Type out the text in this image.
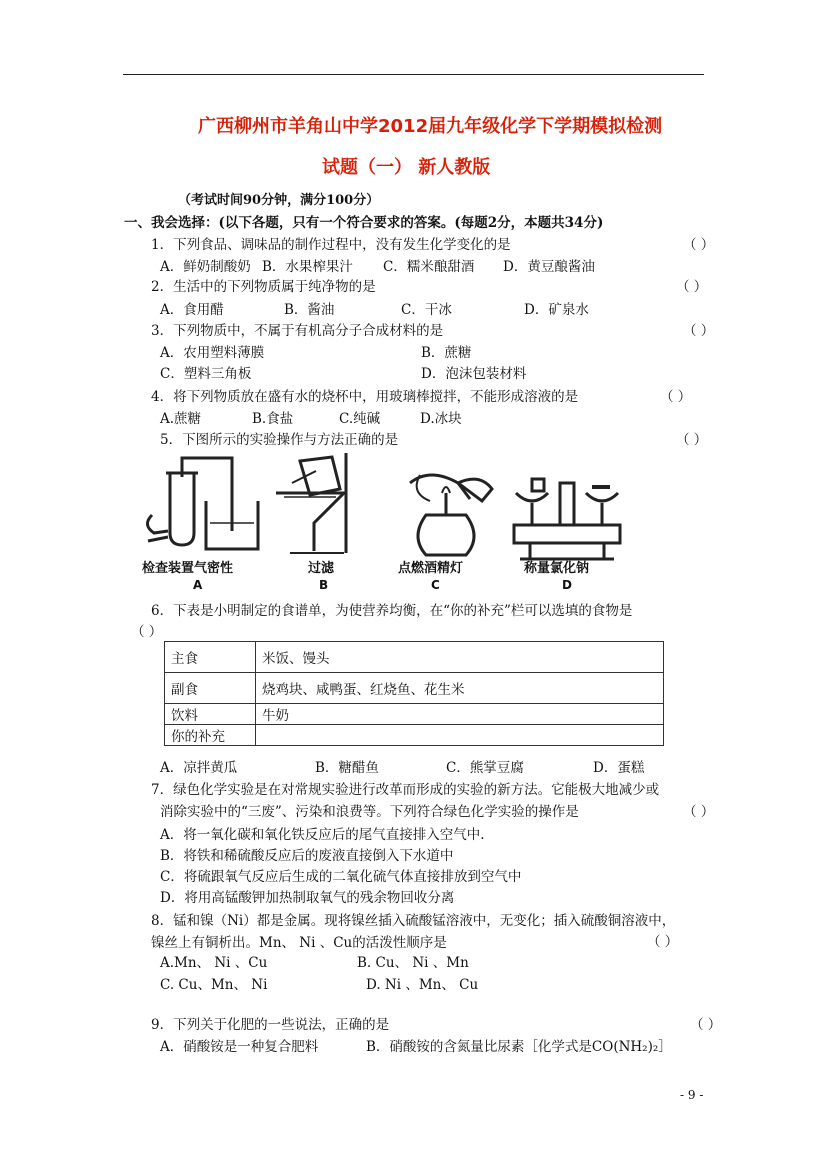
广西柳州市羊角山中学2012届九年级化学下学期模拟检测
试题（一） 新人教版
（考试时间90分钟，满分100分）
一、我会选择：(以下各题，只有一个符合要求的答案。(每题2分，本题共34分)
1．下列食品、调味品的制作过程中，没有发生化学变化的是	（ ）
A．鲜奶制酸奶 B．水果榨果汁 C．糯米酿甜酒 D．黄豆酿酱油
2．生活中的下列物质属于纯净物的是	（ ）
A．食用醋	B．酱油	C．干冰	D．矿泉水
3．下列物质中，不属于有机高分子合成材料的是	（ ）
A．农用塑料薄膜	B．蔗糖
C．塑料三角板	D．泡沫包装材料
4．将下列物质放在盛有水的烧杯中，用玻璃棒搅拌，不能形成溶液的是	（ ）
A.蔗糖	B.食盐	C.纯碱	D.冰块
5．下图所示的实验操作与方法正确的是	（ ）
检查装置气密性	过滤	点燃酒精灯	称量氯化钠
A	B	C	D
6．下表是小明制定的食谱单，为使营养均衡，在“你的补充”栏可以选填的食物是
（ ）
主食	米饭、馒头
副食	烧鸡块、咸鸭蛋、红烧鱼、花生米
饮料	牛奶
你的补充	
A．凉拌黄瓜	B．糖醋鱼	C．熊掌豆腐	D．蛋糕
7．绿色化学实验是在对常规实验进行改革而形成的实验的新方法。它能极大地减少或
消除实验中的“三废”、污染和浪费等。下列符合绿色化学实验的操作是	（ ）
A．将一氧化碳和氧化铁反应后的尾气直接排入空气中.
B．将铁和稀硫酸反应后的废液直接倒入下水道中
C．将硫跟氧气反应后生成的二氧化硫气体直接排放到空气中
D．将用高锰酸钾加热制取氧气的残余物回收分离
8．锰和镍（Ni）都是金属。现将镍丝插入硫酸锰溶液中，无变化；插入硫酸铜溶液中，
镍丝上有铜析出。Mn、 Ni 、Cu的活泼性顺序是	（ ）
A.Mn、 Ni 、Cu	B. Cu、 Ni 、Mn
C. Cu、Mn、 Ni	D. Ni 、Mn、 Cu
9．下列关于化肥的一些说法，正确的是	（ ）
A．硝酸铵是一种复合肥料	B．硝酸铵的含氮量比尿素［化学式是CO(NH₂)₂］
- 9 -
